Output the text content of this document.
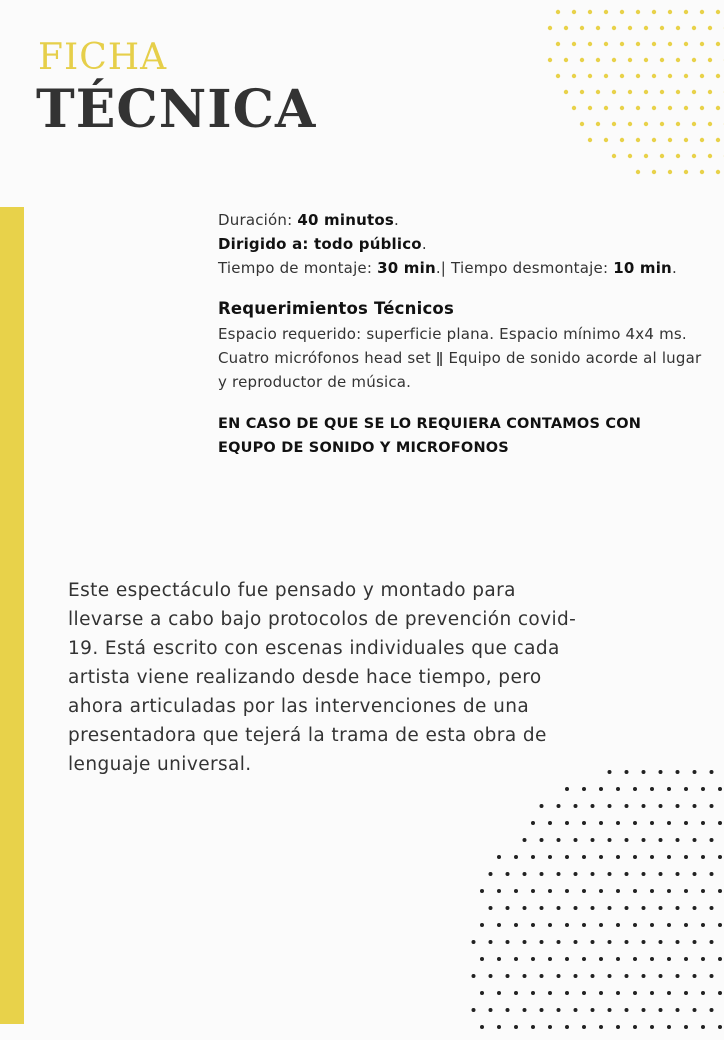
FICHA
TÉCNICA

Duración: 40 minutos.

Dirigido a: todo público.

Tiempo de montaje: 30 min.| Tiempo desmontaje: 10 min.

Requerimientos Técnicos

Espacio requerido: superficie plana. Espacio mínimo 4x4 ms.

Cuatro micrófonos head set ǁ Equipo de sonido acorde al lugar y reproductor de música.

EN CASO DE QUE SE LO REQUIERA CONTAMOS CON EQUPO DE SONIDO Y MICROFONOS

Este espectáculo fue pensado y montado para llevarse a cabo bajo protocolos de prevención covid-19. Está escrito con escenas individuales que cada artista viene realizando desde hace tiempo, pero ahora articuladas por las intervenciones de una presentadora que tejerá la trama de esta obra de lenguaje universal.
